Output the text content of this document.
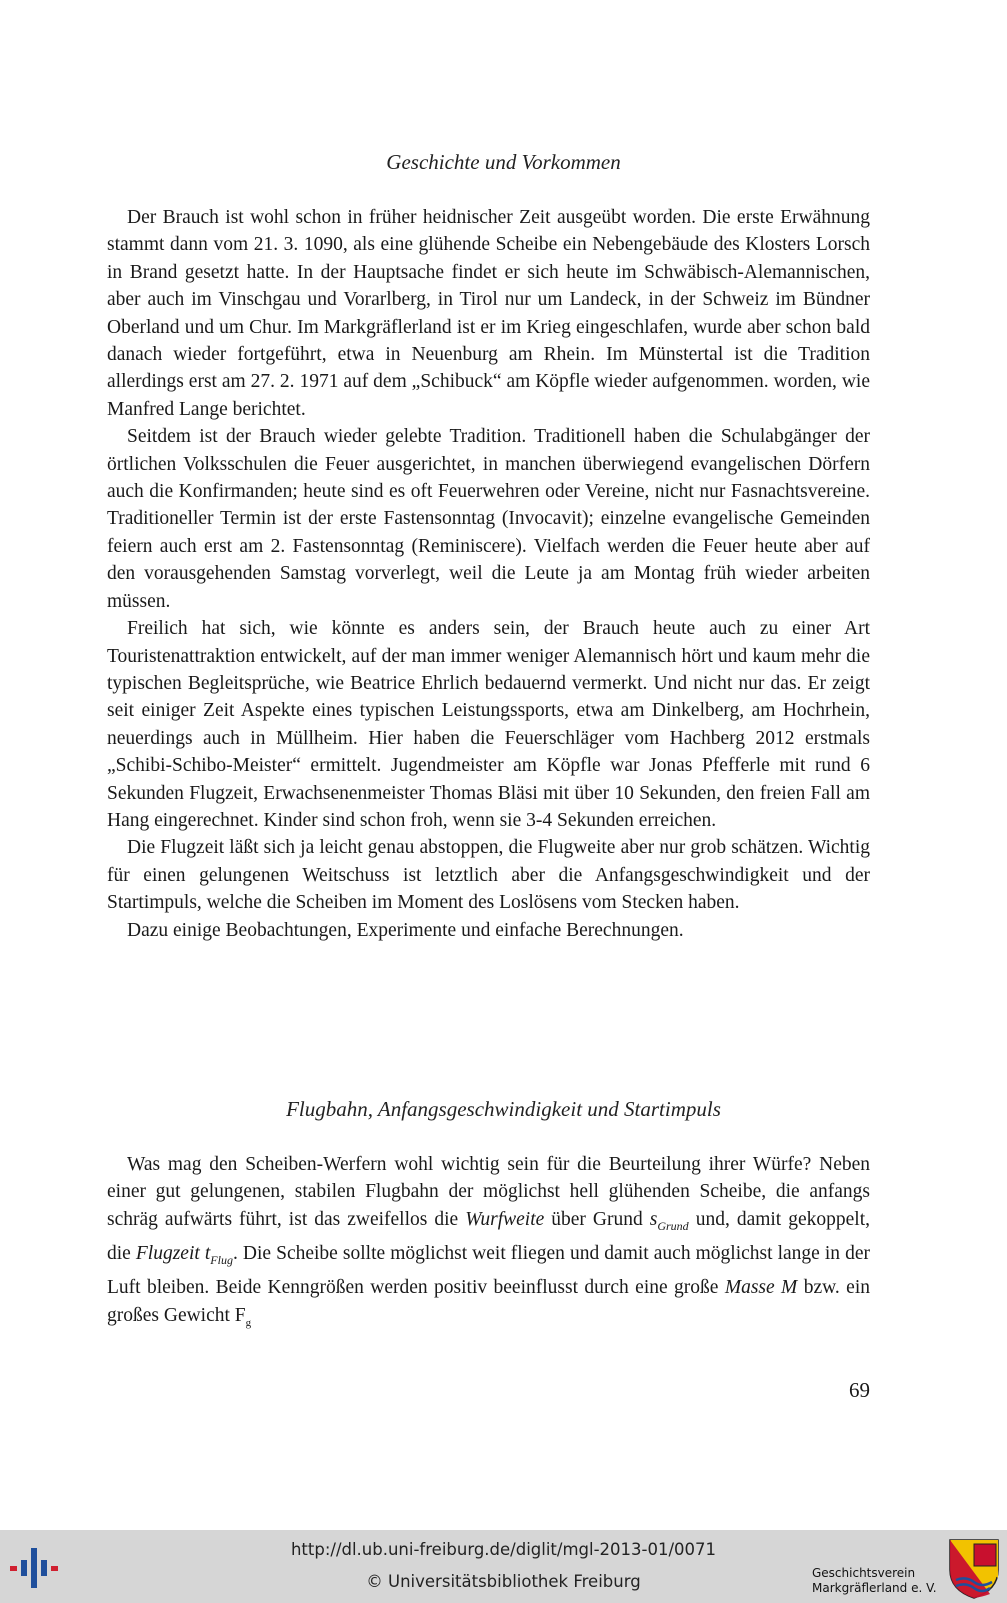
Geschichte und Vorkommen

Der Brauch ist wohl schon in früher heidnischer Zeit ausgeübt worden. Die erste Erwähnung stammt dann vom 21. 3. 1090, als eine glühende Scheibe ein Nebengebäude des Klosters Lorsch in Brand gesetzt hatte. In der Hauptsache findet er sich heute im Schwäbisch-Alemannischen, aber auch im Vinschgau und Vorarlberg, in Tirol nur um Landeck, in der Schweiz im Bündner Oberland und um Chur. Im Markgräflerland ist er im Krieg eingeschlafen, wurde aber schon bald danach wieder fortgeführt, etwa in Neuenburg am Rhein. Im Münstertal ist die Tradition allerdings erst am 27. 2. 1971 auf dem „Schibuck“ am Köpfle wieder aufgenommen. worden, wie Manfred Lange berichtet.

Seitdem ist der Brauch wieder gelebte Tradition. Traditionell haben die Schulabgänger der örtlichen Volksschulen die Feuer ausgerichtet, in manchen überwiegend evangelischen Dörfern auch die Konfirmanden; heute sind es oft Feuerwehren oder Vereine, nicht nur Fasnachtsvereine. Traditioneller Termin ist der erste Fastensonntag (Invocavit); einzelne evangelische Gemeinden feiern auch erst am 2. Fastensonntag (Reminiscere). Vielfach werden die Feuer heute aber auf den vorausgehenden Samstag vorverlegt, weil die Leute ja am Montag früh wieder arbeiten müssen.

Freilich hat sich, wie könnte es anders sein, der Brauch heute auch zu einer Art Touristenattraktion entwickelt, auf der man immer weniger Alemannisch hört und kaum mehr die typischen Begleitsprüche, wie Beatrice Ehrlich bedauernd vermerkt. Und nicht nur das. Er zeigt seit einiger Zeit Aspekte eines typischen Leistungssports, etwa am Dinkelberg, am Hochrhein, neuerdings auch in Müllheim. Hier haben die Feuerschläger vom Hachberg 2012 erstmals „Schibi-Schibo-Meister“ ermittelt. Jugendmeister am Köpfle war Jonas Pfefferle mit rund 6 Sekunden Flugzeit, Erwachsenenmeister Thomas Bläsi mit über 10 Sekunden, den freien Fall am Hang eingerechnet. Kinder sind schon froh, wenn sie 3-4 Sekunden erreichen.

Die Flugzeit läßt sich ja leicht genau abstoppen, die Flugweite aber nur grob schätzen. Wichtig für einen gelungenen Weitschuss ist letztlich aber die Anfangsgeschwindigkeit und der Startimpuls, welche die Scheiben im Moment des Loslösens vom Stecken haben.

Dazu einige Beobachtungen, Experimente und einfache Berechnungen.

Flugbahn, Anfangsgeschwindigkeit und Startimpuls

Was mag den Scheiben-Werfern wohl wichtig sein für die Beurteilung ihrer Würfe? Neben einer gut gelungenen, stabilen Flugbahn der möglichst hell glühenden Scheibe, die anfangs schräg aufwärts führt, ist das zweifellos die Wurfweite über Grund $s_{Grund}$ und, damit gekoppelt, die Flugzeit $t_{Flug}$. Die Scheibe sollte möglichst weit fliegen und damit auch möglichst lange in der Luft bleiben. Beide Kenngrößen werden positiv beeinflusst durch eine große Masse M bzw. ein großes Gewicht $F_g$

69
http://dl.ub.uni-freiburg.de/diglit/mgl-2013-01/0071
© Universitätsbibliothek Freiburg	Geschichtsverein
Markgräflerland e. V.
